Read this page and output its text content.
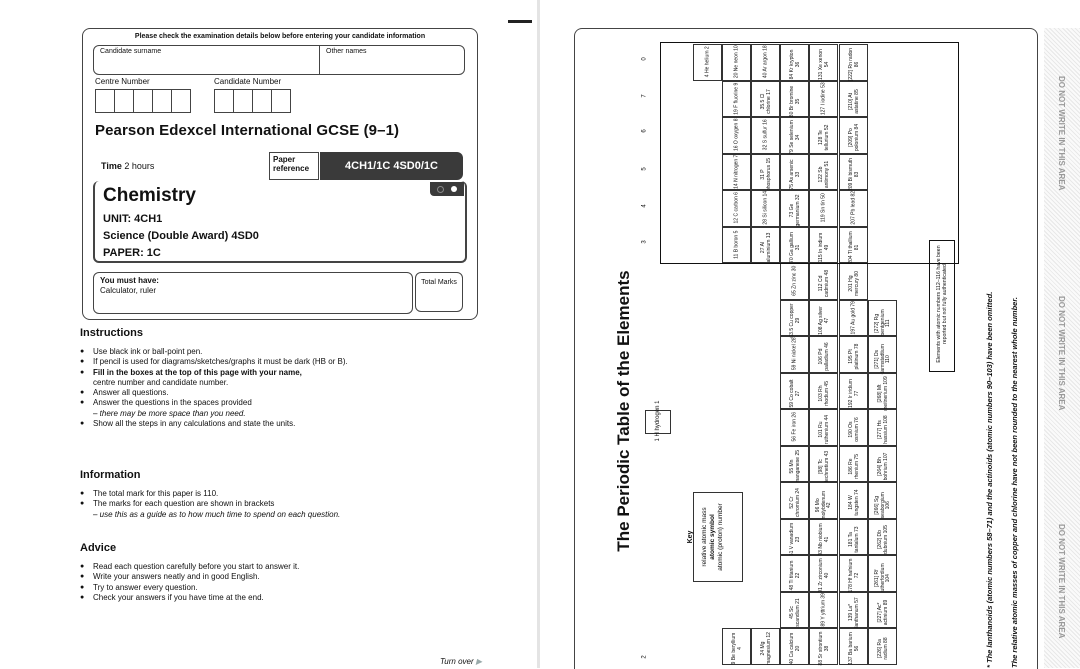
Please check the examination details below before entering your candidate information
Candidate surname	Other names
Centre Number	Candidate Number
Pearson Edexcel International GCSE (9–1)
Time 2 hours
Paper reference	4CH1/1C 4SD0/1C
Chemistry
UNIT: 4CH1
Science (Double Award) 4SD0
PAPER: 1C
You must have:
Calculator, ruler
Total Marks
Instructions
● Use black ink or ball-point pen.
● If pencil is used for diagrams/sketches/graphs it must be dark (HB or B).
● Fill in the boxes at the top of this page with your name,
centre number and candidate number.
● Answer all questions.
● Answer the questions in the spaces provided
– there may be more space than you need.
● Show all the steps in any calculations and state the units.
Information
● The total mark for this paper is 110.
● The marks for each question are shown in brackets
– use this as a guide as to how much time to spend on each question.
Advice
● Read each question carefully before you start to answer it.
● Write your answers neatly and in good English.
● Try to answer every question.
● Check your answers if you have time at the end.
Turn over ▶
The Periodic Table of the Elements	1 H hydrogen 1
Key	relative atomic mass atomic symbol atomic (proton) number
4 He helium 2	20 Ne neon 10	40 Ar argon 18	84 Kr krypton 36	131 Xe xenon 54	[222] Rn radon 86
19 F fluorine 9	35.5 Cl chlorine 17	80 Br bromine 35	127 I iodine 53	[210] At astatine 85
16 O oxygen 8	32 S sulfur 16	79 Se selenium 34	128 Te tellurium 52	[209] Po polonium 84
14 N nitrogen 7	31 P phosphorus 15	75 As arsenic 33	122 Sb antimony 51	209 Bi bismuth 83
12 C carbon 6	28 Si silicon 14	73 Ge germanium 32	119 Sn tin 50	207 Pb lead 82
11 B boron 5	27 Al aluminium 13	70 Ga gallium 31	115 In indium 49	204 Tl thallium 81
65 Zn zinc 30	112 Cd cadmium 48	201 Hg mercury 80
63.5 Cu copper 29	108 Ag silver 47	197 Au gold 79	[272] Rg roentgenium 111
59 Ni nickel 28	106 Pd palladium 46	195 Pt platinum 78	[271] Ds darmstadtium 110
59 Co cobalt 27	103 Rh rhodium 45	192 Ir iridium 77	[268] Mt meitnerium 109
56 Fe iron 26	101 Ru ruthenium 44	190 Os osmium 76	[277] Hs hassium 108
55 Mn manganese 25	[98] Tc technetium 43	186 Re rhenium 75	[264] Bh bohrium 107
52 Cr chromium 24	96 Mo molybdenum 42	184 W tungsten 74	[266] Sg seaborgium 106
51 V vanadium 23	93 Nb niobium 41	181 Ta tantalum 73	[262] Db dubnium 105
48 Ti titanium 22	91 Zr zirconium 40	178 Hf hafnium 72	[261] Rf rutherfordium 104
45 Sc scandium 21	89 Y yttrium 39	139 La* lanthanum 57	[227] Ac* actinium 89
9 Be beryllium 4	24 Mg magnesium 12	40 Ca calcium 20	88 Sr strontium 38	137 Ba barium 56	[226] Ra radium 88
0
7
6
5
4
3
2
Elements with atomic numbers 112–116 have been reported but not fully authenticated	* The lanthanoids (atomic numbers 58–71) and the actinoids (atomic numbers 90–103) have been omitted. The relative atomic masses of copper and chlorine have not been rounded to the nearest whole number.
DO NOT WRITE IN THIS AREA
DO NOT WRITE IN THIS AREA
DO NOT WRITE IN THIS AREA
